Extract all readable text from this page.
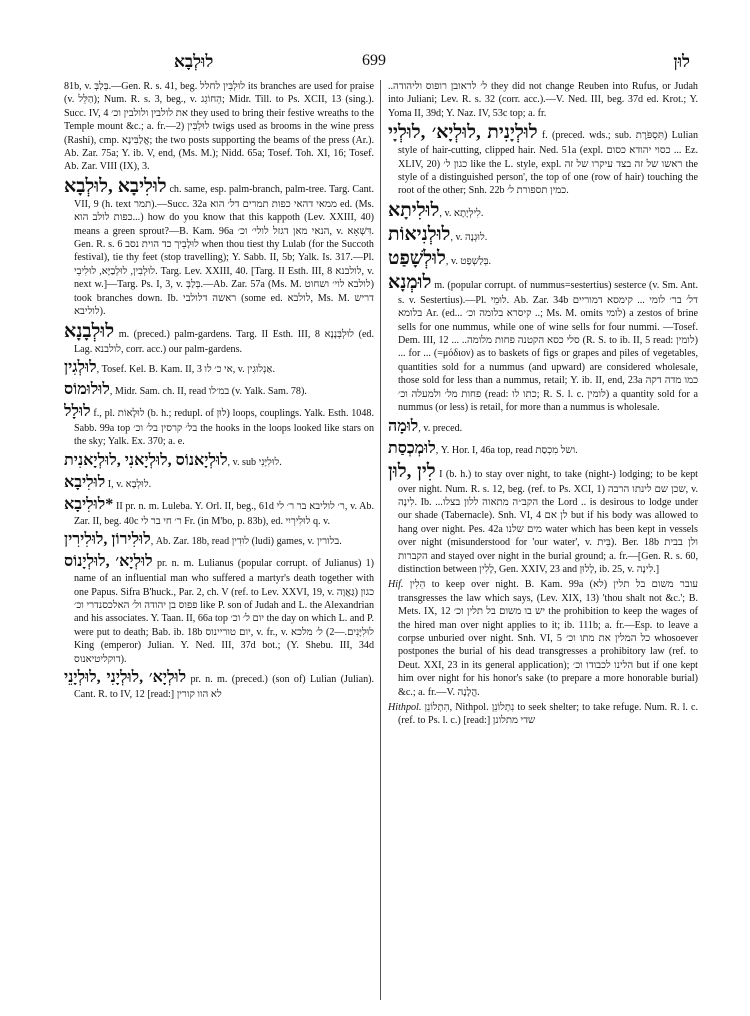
לוּלְבָא	699	לוּן

81b, v. בְּלַבְּ.—Gen. R. s. 41, beg. לוּלְבִּין לחלל its branches are used for praise (v. הַלֵּל); Num. R. s. 3, beg., v. הֵחוֹגֵג; Midr. Till. to Ps. XCII, 13 (sing.). Succ. IV, 4 את לולבין ולולבין וכ׳ they used to bring their festive wreaths to the Temple mount &c.; a. fr.—2) לוּלְבִּין twigs used as brooms in the wine press (Rashi), cmp. אֲלַבִּינָא; the two posts supporting the beams of the press (Ar.). Ab. Zar. 75a; Y. ib. V, end, (Ms. M.); Nidd. 65a; Tosef. Toh. XI, 16; Tosef. Ab. Zar. VIII (IX), 3.

לוּלִיבָא ,לוּלְבָא ch. same, esp. palm-branch, palm-tree. Targ. Cant. VII, 9 (h. text תמר).—Succ. 32a ממאי דהאי כפות תמרים דל׳ הוא ed. (Ms. כפות לולב הוא...) how do you know that this kappoth (Lev. XXIII, 40) means a green sprout?—B. Kam. 96a הנאי מאן דגזל לולי׳ וכ׳, v. דִּשְׁאָא. Gen. R. s. 6 לוּלָבֵיך כד הוית נסב when thou tiest thy Lulab (for the Succoth festival), tie thy feet (stop travelling); Y. Sabb. II, 5b; Yalk. Is. 317.—Pl. לוּלְבִין, לוּלְבַיָּא, לוּלִיבֵי. Targ. Lev. XXIII, 40. [Targ. II Esth. III, 8 לולבנא, v. next w.]—Targ. Ps. I, 3, v. בְּלַבְּ.—Ab. Zar. 57a (Ms. M. לולבא לוי׳ ושחוט) took branches down. Ib. ראשה דלולבי (some ed. לולבא, Ms. M. דריש לוליבא).

לוּלְבָנָא m. (preced.) palm-gardens. Targ. II Esth. III, 8 לוּלְבְּנָנָא (ed. Lag. לולבנא, corr. acc.) our palm-gardens.

לוּלְגִין, Tosef. Kel. B. Kam. II, 3 אי כ׳ לו, v. אַנְלוּגִין.

לוּלוּמוֹס, Midr. Sam. ch. II, read במ׳לו (v. Yalk. Sam. 78).

לוּלָל f., pl. לוּלָאוֹת (b. h.; redupl. of לוּן) loops, couplings. Yalk. Esth. 1048. Sabb. 99a top בל׳ קרסין בל׳ וכ׳ the hooks in the loops looked like stars on the sky; Yalk. Ex. 370; a. e.

לוּלְיָאנוֹס ,לוּלְיָאנִי ,לוּלְיָאנִית, v. sub לוּלִיָּנִי.

לוּלִיבָא I, v. לוּלְבָא.

*לוּלִיבָא II pr. n. m. Luleba. Y. Orl. II, beg., 61d ר׳ לוליבא בר ר׳ לי, v. Ab. Zar. II, beg. 40c ר׳ חי בר לי Fr. (in M'bo, p. 83b), ed. לוּלִירְיִי q. v.

לוּלִירוֹן ,לוּלִירִין, Ab. Zar. 18b, read לוּדִין (ludi) games, v. בלורין.

לוּלְיָא׳ ,לוּלְיָנוֹס pr. n. m. Lulianus (popular corrupt. of Julianus) 1) name of an influential man who suffered a martyr's death together with one Papus. Sifra B'huck., Par. 2, ch. V (ref. to Lev. XXVI, 19, v. גַּאֲוָה) כגון פפוס בן יהודה ול׳ האלכסנדרי וכ׳ like P. son of Judah and L. the Alexandrian and his associates. Y. Taan. II, 66a top יום ל׳ וכ׳ the day on which L. and P. were put to death; Bab. ib. 18b יום טוריינוס, v. fr., v. לוּלִיָּנִים.—2) ל׳ מלכא King (emperor) Julian. Y. Ned. III, 37d bot.; (Y. Shebu. III, 34d דוקליטיאנוס).

לוּלְיָא׳ ,לוּלְיָנִי ,לוּלְיָנֵי pr. n. m. (preced.) (son of) Lulian (Julian). Cant. R. to IV, 12 [read:] לא הוו קורין

..ל׳ לראובן רופוס וליהודה they did not change Reuben into Rufus, or Judah into Juliani; Lev. R. s. 32 (corr. acc.).—V. Ned. III, beg. 37d ed. Krot.; Y. Yoma II, 39d; Y. Naz. IV, 53c top; a. fr.

לוּלְיָנִית ,לוּלְיָא׳ ,לוּלְיָי f. (preced. wds.; sub. תִּסְפֹּרֶת) Lulian style of hair-cutting, clipped hair. Ned. 51a (expl. כסוי יהודא כסום ... Ez. XLIV, 20) כגון ל׳ like the L. style, expl. ראשו של זה בצד עיקרו של זה the style of a distinguished person', the top of one (row of hair) touching the root of the other; Snh. 22b כמין תספורת ל׳.

לוּלִיתָא, v. לִילְיָתָא.

לוּלְנִיאוֹת, v. לוּגְנָה.

לוּלְשָׁפַט, v. בְּלַשְׁפַט.

לוּמְנָא m. (popular corrupt. of nummus=sestertius) sesterce (v. Sm. Ant. s. v. Sestertius).—Pl. לוּמֵי. Ab. Zar. 34b דל׳ בר׳ לומי ... קימסא דמוריים בלומא Ar. (ed... קיסרא בלומה וכ׳ ..; Ms. M. omits לומי) a zestos of brine sells for one nummus, while one of wine sells for four nummi. —Tosef. Dem. III, 12 ... ..סלי כסא הקטנה פחות מלומה (R. S. to ib. II, 5 read: לומין) ... for ... (=μόδιον) as to baskets of figs or grapes and piles of vegetables, quantities sold for a nummus (and upward) are considered wholesale, those sold for less than a nummus, retail; Y. ib. II, end, 23a כמו מדה דקה פחות מל׳ ולמעלה וכ׳ (read: כתו לו; R. S. l. c. לומין) a quantity sold for a nummus (or less) is retail, for more than a nummus is wholesale.

לוּמָה, v. preced.

לוּמְכְסַת, Y. Hor. I, 46a top, read ושל מִכְסַת.

לִין ,לוּן I (b. h.) to stay over night, to take (night-) lodging; to be kept over night. Num. R. s. 12, beg. (ref. to Ps. XCI, 1) שכן שם לינתו הרבה, v. לִינָה. Ib. ...הקב״ה מתאוה ללון בצלו the Lord .. is desirous to lodge under our shade (Tabernacle). Snh. VI, 4 לן אם but if his body was allowed to hang over night. Pes. 42a מים שלנו water which has been kept in vessels over night (misunderstood for 'our water', v. בֵּית). Ber. 18b ולן בבית הקברות and stayed over night in the burial ground; a. fr.—[Gen. R. s. 60, distinction between לָלִין, Gen. XXIV, 23 and לָלוּן, ib. 25, v. לִינָה.]

Hif. הֵלִין to keep over night. B. Kam. 99a עובר משום בל תלין (לא) transgresses the law which says, (Lev. XIX, 13) 'thou shalt not &c.'; B. Mets. IX, 12 יש בו משום בל תלין וכ׳ the prohibition to keep the wages of the hired man over night applies to it; ib. 111b; a. fr.—Esp. to leave a corpse unburied over night. Snh. VI, 5 כל המלין את מתו וכ׳ whosoever postpones the burial of his dead transgresses a prohibitory law (ref. to Deut. XXI, 23 in its general application); הלינו לכבודו וכ׳ but if one kept him over night for his honor's sake (to prepare a more honorable burial) &c.; a. fr.—V. הֲלָנָה.

Hithpol. הִתְלוֹנֵן, Nithpol. נִתְלוֹנֵן to seek shelter; to take refuge. Num. R. l. c. (ref. to Ps. l. c.) [read:] שדי מתלונן
